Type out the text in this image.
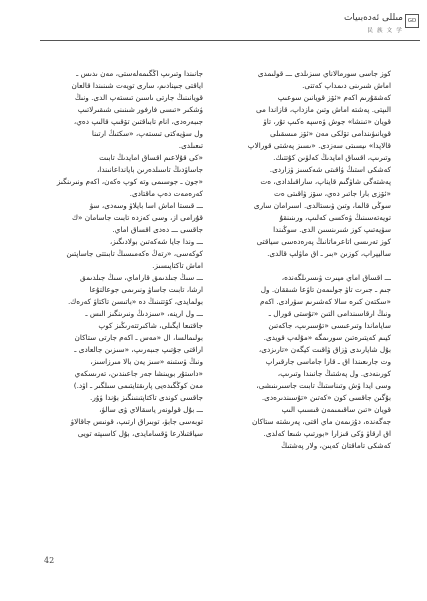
GD
مىللى ئەدەبىيات
民 族 文 学

كوز جاسى سورمالاناي سىزىلدى ـــ قولىمدى

اماش شىرىنى دىمداپ كەتتى.

كەشقۇرىم اكەم «ئۆز قويانىن سوعىپ

الىپتى. پەشتە اماش وتىن مازداپ، قازاندا مى

قويان «تىنشا» جوش ۋەسپە ەكىپ تۇر، تاۋ

قويانىۋىندامى تۆلكى مەن «ئۆز مىسقىلى

قالاپدا» ىيسىتى سەزدى. «ىسىز پەشتى قورالاپ

وتىرىپ، اقساق امايدىڭ كەلۋىن كۇتتىك.

كەشكى استىڭ ۋاقىتى شەكسىز ۋزاردى.

پەشتەگى شاۋگىم قايناپ، ساراقىلدادى، ەت

«ئۆزى بارا جاتىر دەي، سۆز ۋاقىتى ەت

سوڭى قالما، وتىن ۋىستالدى. اسىرامان سارى

تويەتەسىنىڭ ۋەكسى كەلىپ، ورىنىنقۇ

سۋيەتىپ كوز شىرىنسىن الدى. سوڭىندا

كوز تەرىسى اتاعرماتانىڭ پەرەدەسى سياقتى

ساليپراپ، كوزىن «بىر ـ اق ماۋلپ قالدى.

ـــ اقساق اماي ميىرت ۋىسرىلگەندە،

جىم ـ جىرت تاۋ جولىمەن تاۋعا شىققان. ول

«سكتەن كىرە سالا كەشىرىم سۋرادى. اكەم

ونىڭ ارقاسىندامى التىن «تۇستى قورال ـ

ساياماندا وتىرعىسى «تۇسىرىپ، جاكەتىن

كيىم كەيتىرەتىن سورىمگە «مۇلەپ قويدى.

بۇل شايارىدى ۋزاق ۋاقىت كيگەن «تارىزدى،

وت جارىعىندا اق ـ قارا جاماسى جارقىراپ

كورىنەدى. ول پەشتىڭ جانىندا وتىرىپ،

وسى ايدا ۋش وتىناستىڭ تابىت جاسىرىنىشى،

بۇگىن جاقسى كون «كەتىن «تۇسىندىرەدى.

قويان «تىن ساقىمىمەن قىسىپ الىپ

جەگەندە، دۇزىمەن ماي اقتى، پەرىشتە ستاكان

اق ارقاۋ ۋكى قىزارا «بورتىپ شىعا كەلدى.

كەشكى تاماقتان كەيىن، ولار پەشتىڭ

جانىندا وتىرىپ اڭگىمەلەستى، مەن ىدىس ـ

اياقتى جىينادىم، سارى تويەت شىنىندا قالعان

قويانىنىڭ جارتى ىاسىن تىستەپ الدى. ونىڭ

ۋشكىر «تىسى فارفور شىنىنى شىقىرلاتىپ

جىبەرەدى، انام تابىاقتىن تۆقىپ قالىپ دەي،

ول سۋيەكتى تىستەپ، «سكتىڭ ارتىنا

تىعىلدى.

«كى قۇلاعىم اقساق امايدىڭ تابىت

جاساۋدىڭ تاسىلدەرىن بايانداعانىندا،

«جون ـ جوسىمى وتە كوپ ەكەن، اكەم ونىرىنگىز

كەرەمەت دەپ ماقتادى.

ـــ قىستا اماش اسا بايلاۋ وسەدى، سۋ

قۇرامى از، وسى كەزدە تابىت جاسامان «ك

جاقسى ـــ دەدى اقساق اماي.

ـــ وندا جايا شەكەتىن بولادىگىز،

كوكەسى، «رتەڭ ەكەمىسىڭ تابىتتى جاساپتىن

اماش تاكتاپىسىز.

ـــ سىڭ جىلدىمق قاراماي، سىڭ جىلدىمق

ارشا، تابىت جاساۋ ونىرىمى جوعالتۇعا

بولمايدى، كۆتتىنىڭ دە «باتىسن تاكتاۋ كەرەك.

ـــ ول ارينە، «سىزدىڭ ونىرىنگىز الىس ـ

جاقتىعا ايگىلى، شاكىرتتەرىڭىز كوپ

بولىمالسا، ال «مەس ـ اكەم جارتى ستاكان

اراقتى جۇتىپ جىبەرىپ، «سىزىن جالعادى ـ

ونىڭ ۋستىنە «سىز يەن بالا مىرزاسىز،

«داستۇر بويىنشا جەر جاعىندىن، تەرىسكەي

مەن كوڭگىدەيى پارىقتايتىمى سىلگىر ـ اۋد.)

جاقسى كوندى تاكتاپتىنىنگىز بۇندا ۋۇر.

ـــ بۇل قولونەر ياسقالاي ۋى سالۋ،

توبەسى جابۋ، توبىراق ارتىپ، قونىس جاقالاۋ

سياقتىلارعا ۋقسامايدى، بۇل كاسىپتە تويى

42
